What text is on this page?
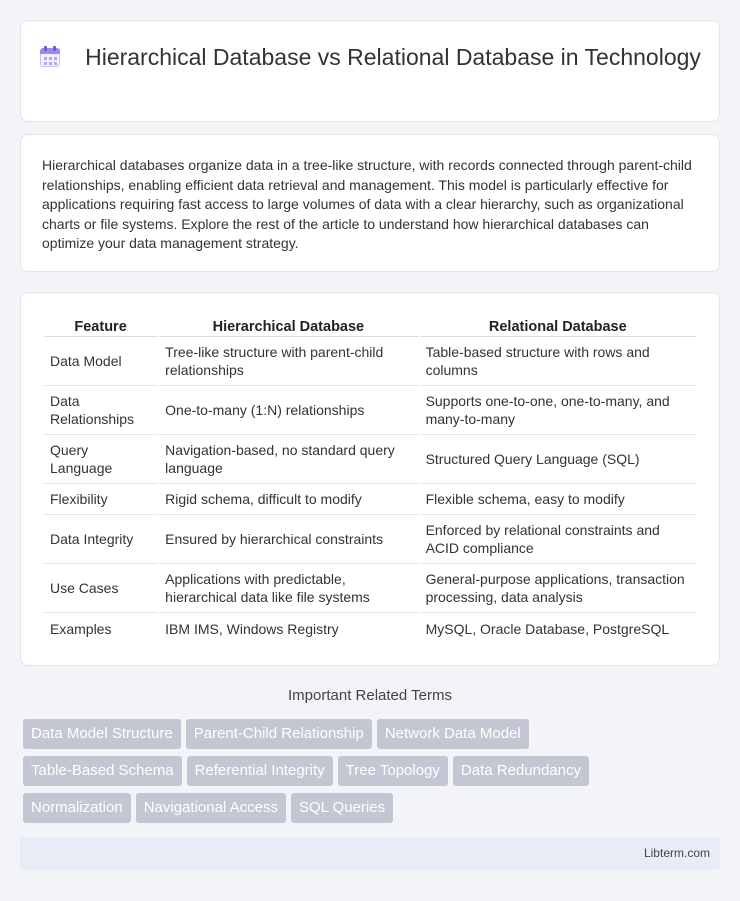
Hierarchical Database vs Relational Database in Technology

Hierarchical databases organize data in a tree-like structure, with records connected through parent-child relationships, enabling efficient data retrieval and management. This model is particularly effective for applications requiring fast access to large volumes of data with a clear hierarchy, such as organizational charts or file systems. Explore the rest of the article to understand how hierarchical databases can optimize your data management strategy.

Feature	Hierarchical Database	Relational Database
Data Model	Tree-like structure with parent-child relationships	Table-based structure with rows and columns
Data Relationships	One-to-many (1:N) relationships	Supports one-to-one, one-to-many, and many-to-many
Query Language	Navigation-based, no standard query language	Structured Query Language (SQL)
Flexibility	Rigid schema, difficult to modify	Flexible schema, easy to modify
Data Integrity	Ensured by hierarchical constraints	Enforced by relational constraints and ACID compliance
Use Cases	Applications with predictable, hierarchical data like file systems	General-purpose applications, transaction processing, data analysis
Examples	IBM IMS, Windows Registry	MySQL, Oracle Database, PostgreSQL
Important Related Terms
Data Model Structure Parent-Child Relationship Network Data Model
Table-Based Schema Referential Integrity Tree Topology Data Redundancy
Normalization Navigational Access SQL Queries
Libterm.com
